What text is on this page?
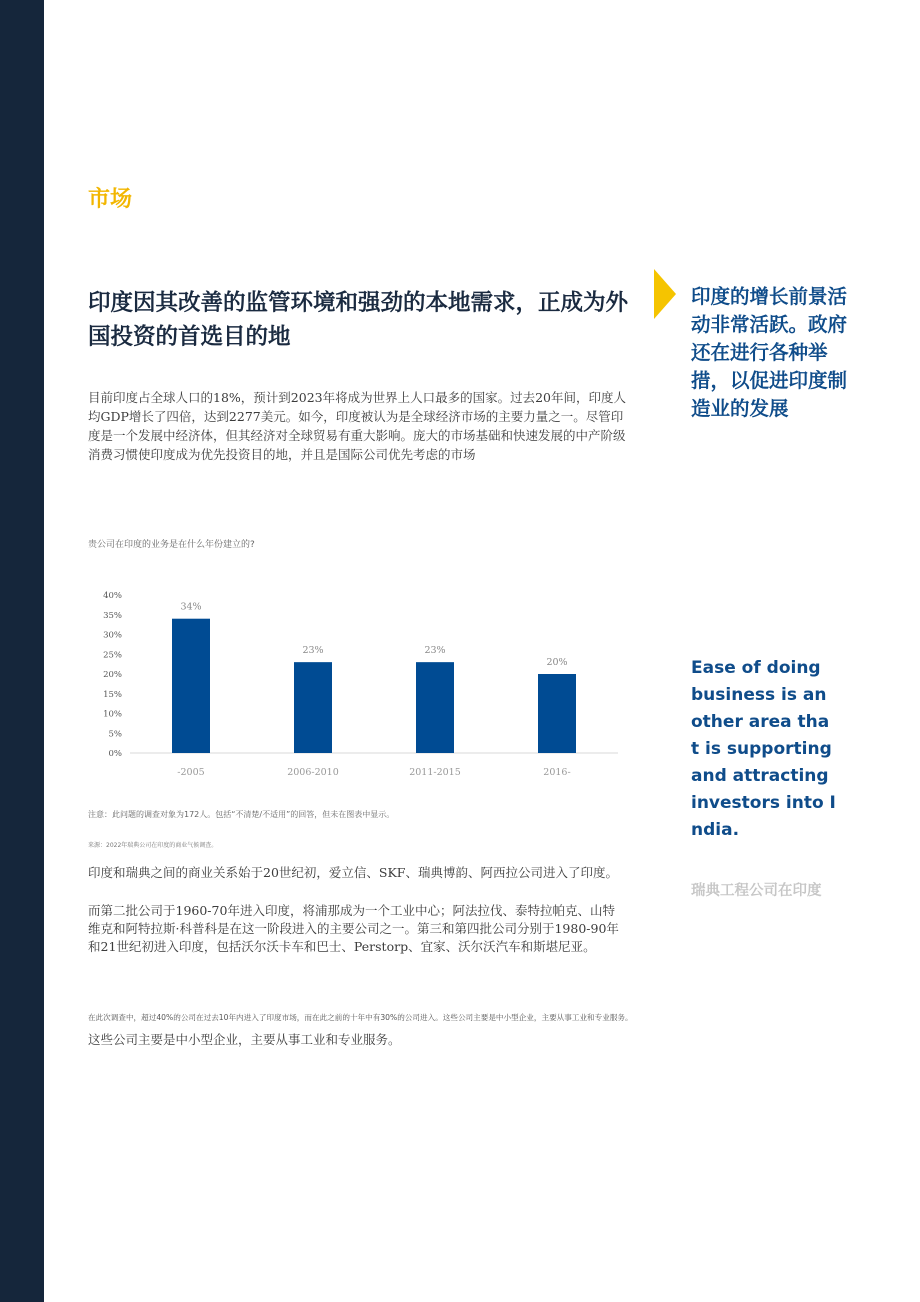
市场
印度因其改善的监管环境和强劲的本地需求，正成为外国投资的首选目的地
目前印度占全球人口的18%，预计到2023年将成为世界上人口最多的国家。过去20年间，印度人均GDP增长了四倍，达到2277美元。如今，印度被认为是全球经济市场的主要力量之一。尽管印度是一个发展中经济体，但其经济对全球贸易有重大影响。庞大的市场基础和快速发展的中产阶级消费习惯使印度成为优先投资目的地，并且是国际公司优先考虑的市场
贵公司在印度的业务是在什么年份建立的?
0%
5%
10%
15%
20%
25%
30%
35%
40%
34%
-2005
23%
2006-2010
23%
2011-2015
20%
2016-
注意：此问题的调查对象为172人。包括“不清楚/不适用”的回答，但未在图表中显示。
来源：2022年瑞典公司在印度的商业气候调查。
印度和瑞典之间的商业关系始于20世纪初，爱立信、SKF、瑞典博韵、阿西拉公司进入了印度。
而第二批公司于1960-70年进入印度，将浦那成为一个工业中心；阿法拉伐、泰特拉帕克、山特维克和阿特拉斯·科普科是在这一阶段进入的主要公司之一。第三和第四批公司分别于1980-90年和21世纪初进入印度，包括沃尔沃卡车和巴士、Perstorp、宜家、沃尔沃汽车和斯堪尼亚。
在此次调查中，超过40%的公司在过去10年内进入了印度市场，而在此之前的十年中有30%的公司进入。这些公司主要是中小型企业，主要从事工业和专业服务。
这些公司主要是中小型企业，主要从事工业和专业服务。
印度的增长前景活动非常活跃。政府还在进行各种举措，以促进印度制造业的发展
Ease of doing business is another area that is supporting and attracting investors into India.
瑞典工程公司在印度
